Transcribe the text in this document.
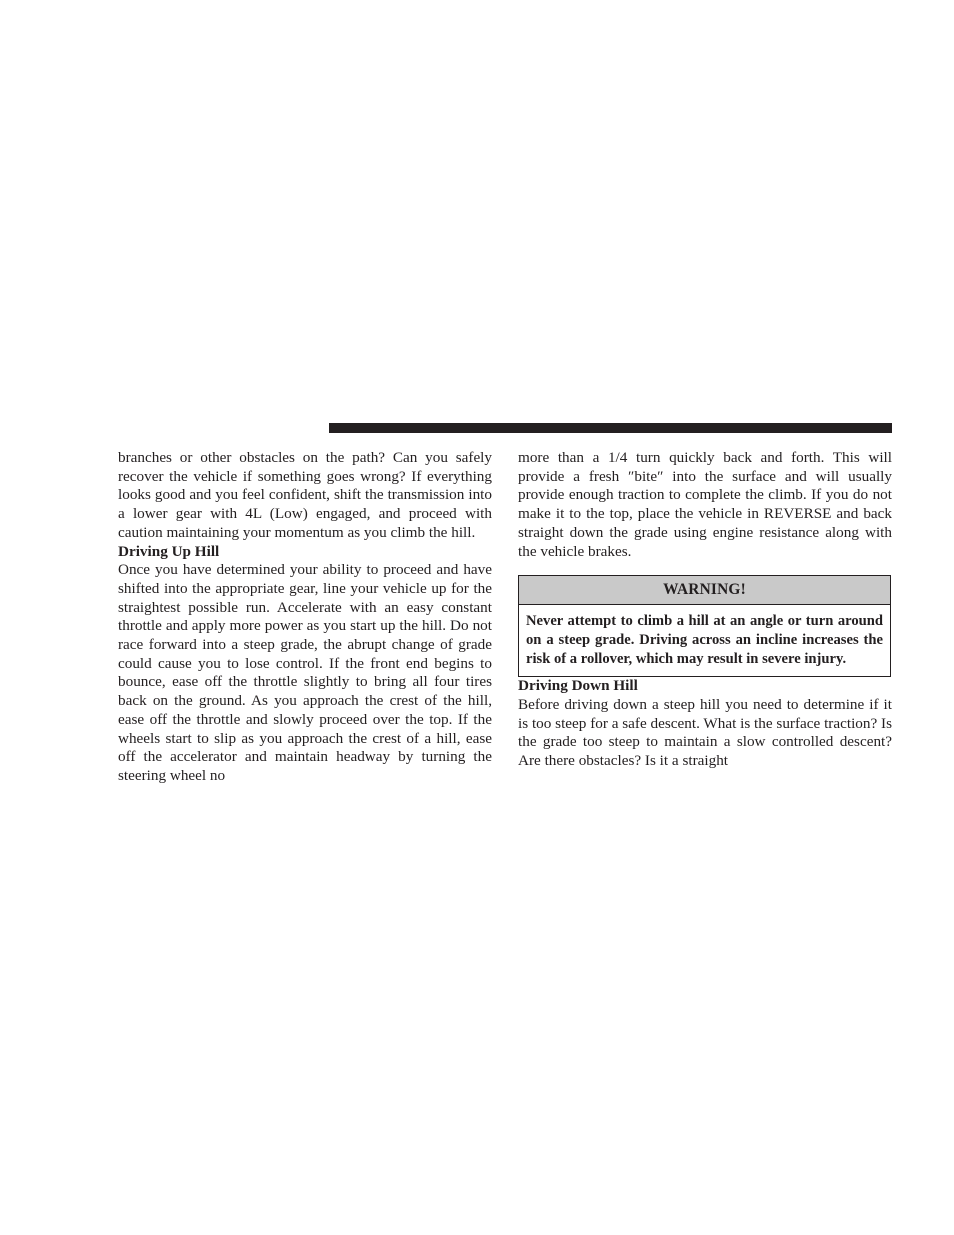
branches or other obstacles on the path? Can you safely recover the vehicle if something goes wrong? If everything looks good and you feel confident, shift the transmission into a lower gear with 4L (Low) engaged, and proceed with caution maintaining your momentum as you climb the hill.

Driving Up Hill

Once you have determined your ability to proceed and have shifted into the appropriate gear, line your vehicle up for the straightest possible run. Accelerate with an easy constant throttle and apply more power as you start up the hill. Do not race forward into a steep grade, the abrupt change of grade could cause you to lose control. If the front end begins to bounce, ease off the throttle slightly to bring all four tires back on the ground. As you approach the crest of the hill, ease off the throttle and slowly proceed over the top. If the wheels start to slip as you approach the crest of a hill, ease off the accelerator and maintain headway by turning the steering wheel no

more than a 1/4 turn quickly back and forth. This will provide a fresh ″bite″ into the surface and will usually provide enough traction to complete the climb. If you do not make it to the top, place the vehicle in REVERSE and back straight down the grade using engine resistance along with the vehicle brakes.

WARNING!
Never attempt to climb a hill at an angle or turn around on a steep grade. Driving across an incline increases the risk of a rollover, which may result in severe injury.

Driving Down Hill

Before driving down a steep hill you need to determine if it is too steep for a safe descent. What is the surface traction? Is the grade too steep to maintain a slow controlled descent? Are there obstacles? Is it a straight
